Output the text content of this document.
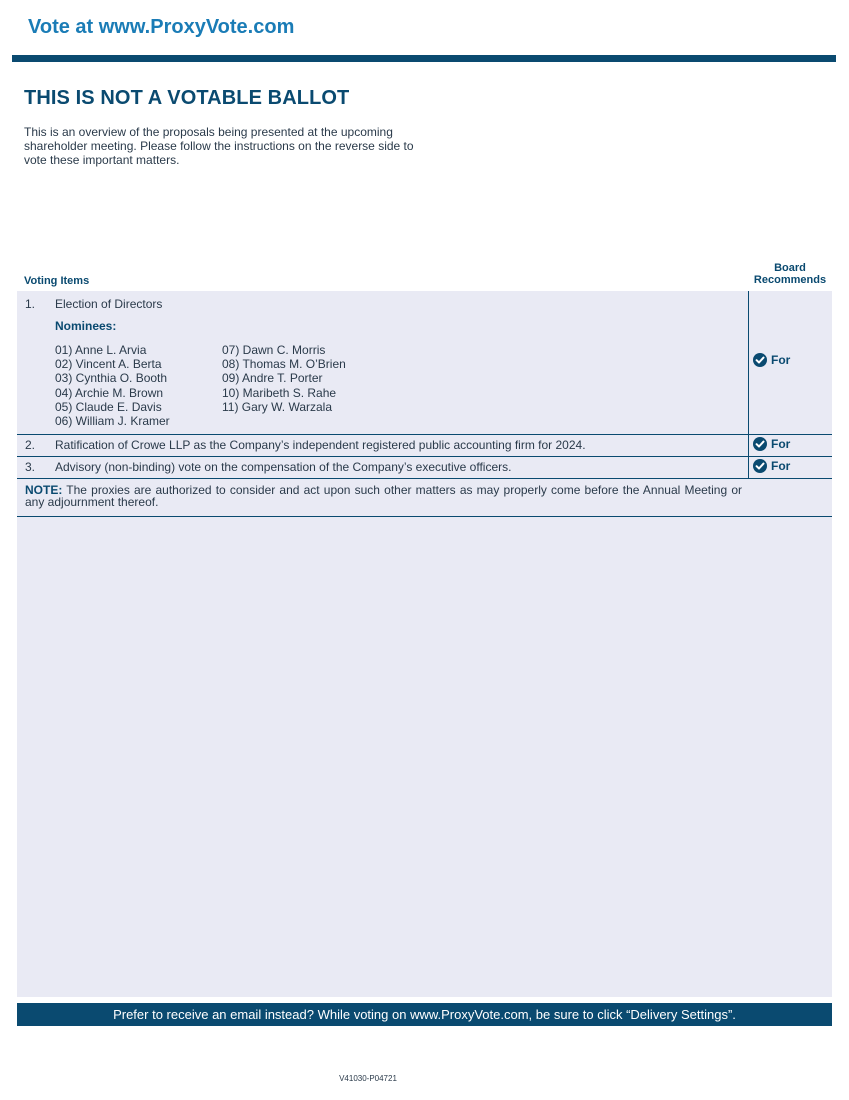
Vote at www.ProxyVote.com
THIS IS NOT A VOTABLE BALLOT
This is an overview of the proposals being presented at the upcoming shareholder meeting. Please follow the instructions on the reverse side to vote these important matters.
Board
Recommends
Voting Items
1. Election of Directors
Nominees:
01) Anne L. Arvia
02) Vincent A. Berta
03) Cynthia O. Booth
04) Archie M. Brown
05) Claude E. Davis
06) William J. Kramer
07) Dawn C. Morris
08) Thomas M. O’Brien
09) Andre T. Porter
10) Maribeth S. Rahe
11) Gary W. Warzala
For
2. Ratification of Crowe LLP as the Company’s independent registered public accounting firm for 2024.	For
3. Advisory (non-binding) vote on the compensation of the Company’s executive officers.	For
NOTE: The proxies are authorized to consider and act upon such other matters as may properly come before the Annual Meeting or any adjournment thereof.
Prefer to receive an email instead? While voting on www.ProxyVote.com, be sure to click “Delivery Settings”.
V41030-P04721
